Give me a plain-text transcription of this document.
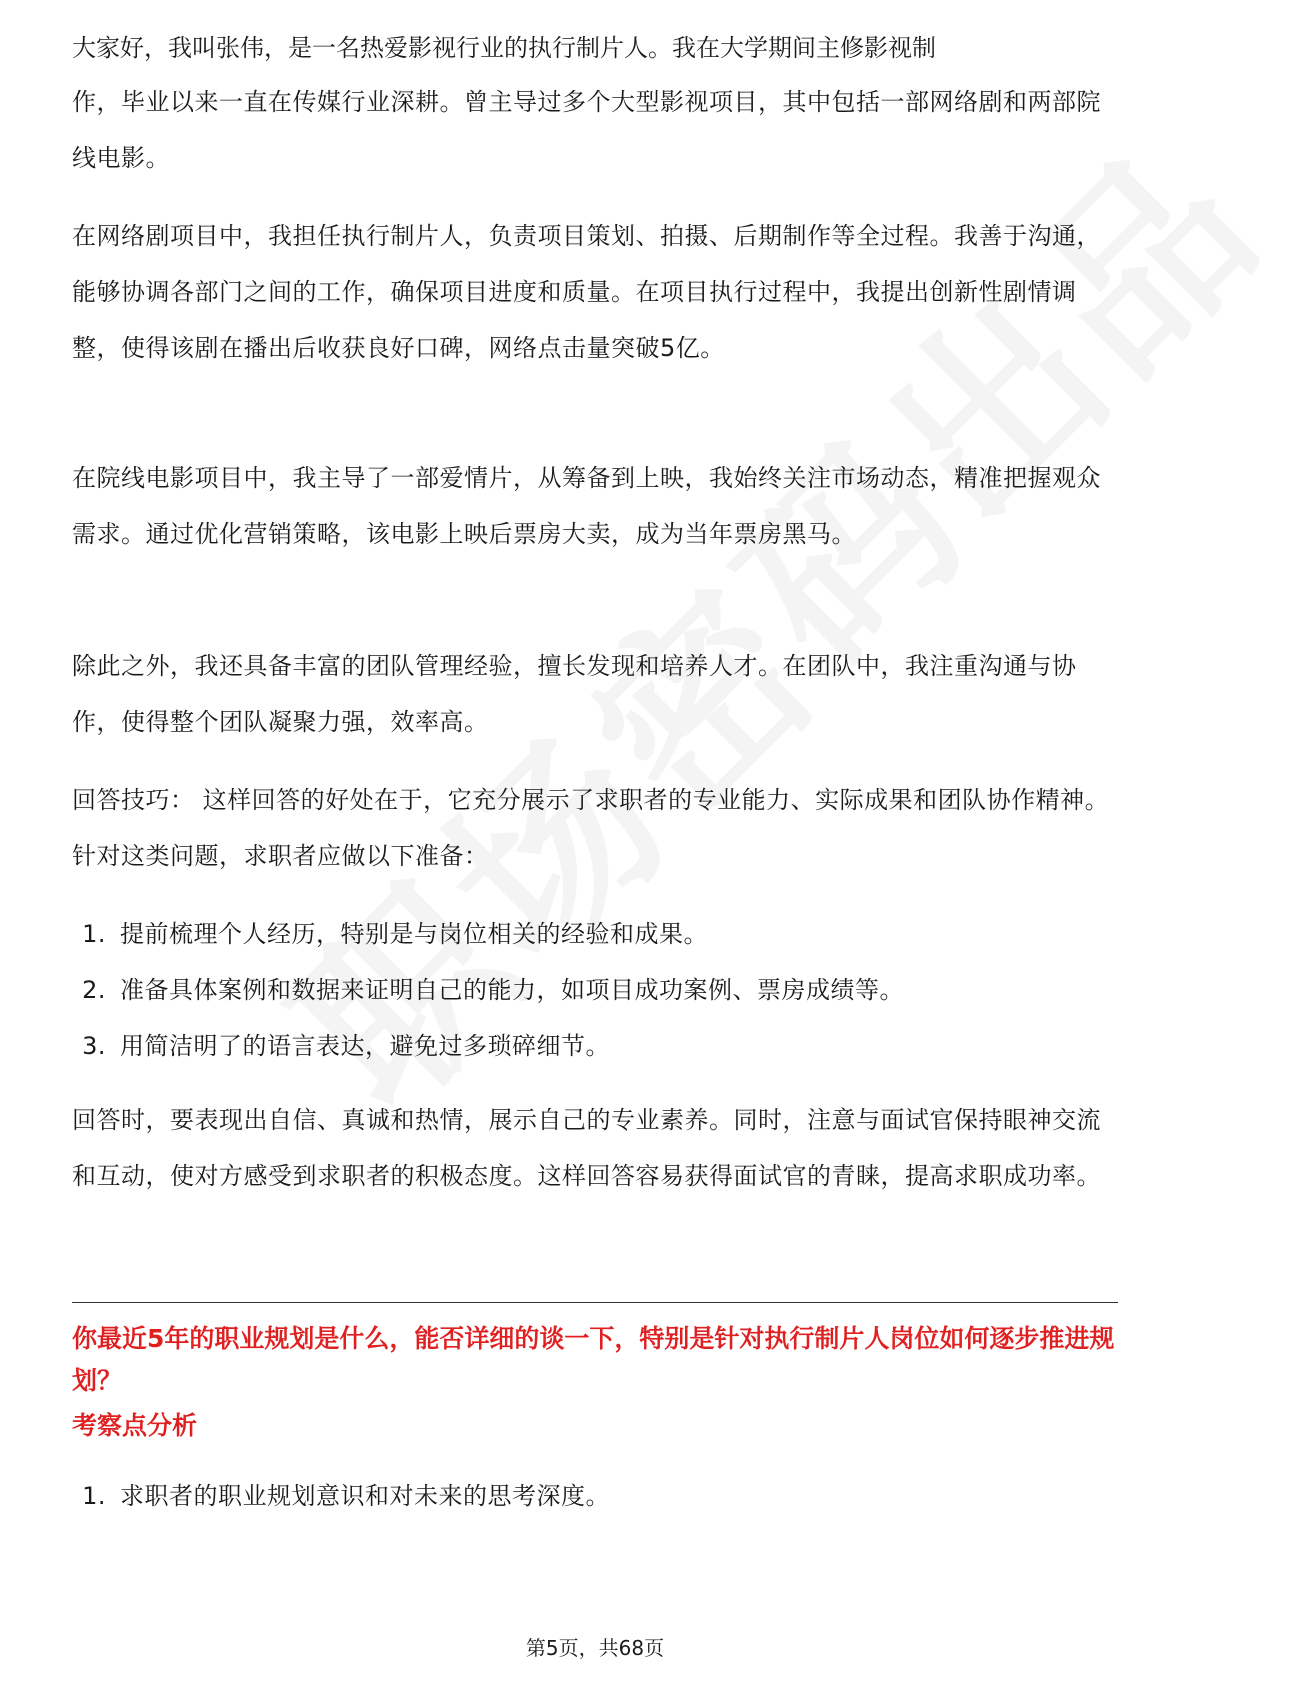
大家好，我叫张伟，是一名热爱影视行业的执行制片人。我在大学期间主修影视制

作，毕业以来一直在传媒行业深耕。曾主导过多个大型影视项目，其中包括一部网络剧和两部院线电影。

在网络剧项目中，我担任执行制片人，负责项目策划、拍摄、后期制作等全过程。我善于沟通，能够协调各部门之间的工作，确保项目进度和质量。在项目执行过程中，我提出创新性剧情调整，使得该剧在播出后收获良好口碑，网络点击量突破5亿。

在院线电影项目中，我主导了一部爱情片，从筹备到上映，我始终关注市场动态，精准把握观众需求。通过优化营销策略，该电影上映后票房大卖，成为当年票房黑马。

除此之外，我还具备丰富的团队管理经验，擅长发现和培养人才。在团队中，我注重沟通与协作，使得整个团队凝聚力强，效率高。

回答技巧： 这样回答的好处在于，它充分展示了求职者的专业能力、实际成果和团队协作精神。针对这类问题，求职者应做以下准备：

1. 提前梳理个人经历，特别是与岗位相关的经验和成果。
2. 准备具体案例和数据来证明自己的能力，如项目成功案例、票房成绩等。
3. 用简洁明了的语言表达，避免过多琐碎细节。

回答时，要表现出自信、真诚和热情，展示自己的专业素养。同时，注意与面试官保持眼神交流和互动，使对方感受到求职者的积极态度。这样回答容易获得面试官的青睐，提高求职成功率。

你最近5年的职业规划是什么，能否详细的谈一下，特别是针对执行制片人岗位如何逐步推进规划？

考察点分析

1. 求职者的职业规划意识和对未来的思考深度。
第5页，共68页
